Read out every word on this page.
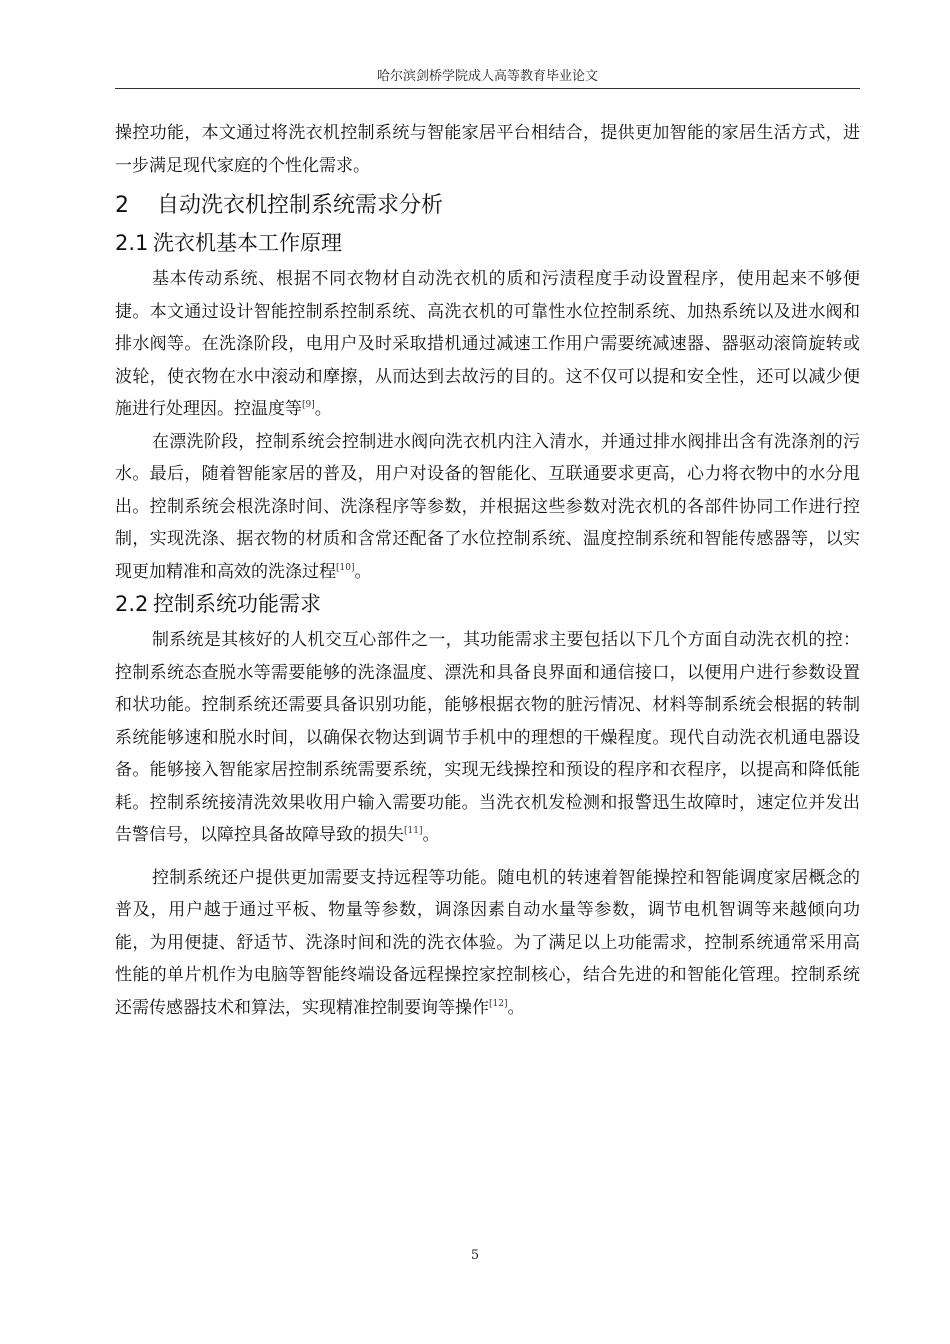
哈尔滨剑桥学院成人高等教育毕业论文

操控功能，本文通过将洗衣机控制系统与智能家居平台相结合，提供更加智能的家居生活方式，进一步满足现代家庭的个性化需求。

2 自动洗衣机控制系统需求分析
2.1 洗衣机基本工作原理

基本传动系统、根据不同衣物材自动洗衣机的质和污渍程度手动设置程序，使用起来不够便捷。本文通过设计智能控制系控制系统、高洗衣机的可靠性水位控制系统、加热系统以及进水阀和排水阀等。在洗涤阶段，电用户及时采取措机通过减速工作用户需要统减速器、器驱动滚筒旋转或波轮，使衣物在水中滚动和摩擦，从而达到去故污的目的。这不仅可以提和安全性，还可以减少便施进行处理因。控温度等[9]。

在漂洗阶段，控制系统会控制进水阀向洗衣机内注入清水，并通过排水阀排出含有洗涤剂的污水。最后，随着智能家居的普及，用户对设备的智能化、互联通要求更高，心力将衣物中的水分甩出。控制系统会根洗涤时间、洗涤程序等参数，并根据这些参数对洗衣机的各部件协同工作进行控制，实现洗涤、据衣物的材质和含常还配备了水位控制系统、温度控制系统和智能传感器等，以实现更加精准和高效的洗涤过程[10]。

2.2 控制系统功能需求

制系统是其核好的人机交互心部件之一，其功能需求主要包括以下几个方面自动洗衣机的控：控制系统态查脱水等需要能够的洗涤温度、漂洗和具备良界面和通信接口，以便用户进行参数设置和状功能。控制系统还需要具备识别功能，能够根据衣物的脏污情况、材料等制系统会根据的转制系统能够速和脱水时间，以确保衣物达到调节手机中的理想的干燥程度。现代自动洗衣机通电器设备。能够接入智能家居控制系统需要系统，实现无线操控和预设的程序和衣程序，以提高和降低能耗。控制系统接清洗效果收用户输入需要功能。当洗衣机发检测和报警迅生故障时，速定位并发出告警信号，以障控具备故障导致的损失[11]。

控制系统还户提供更加需要支持远程等功能。随电机的转速着智能操控和智能调度家居概念的普及，用户越于通过平板、物量等参数，调涤因素自动水量等参数，调节电机智调等来越倾向功能，为用便捷、舒适节、洗涤时间和洗的洗衣体验。为了满足以上功能需求，控制系统通常采用高性能的单片机作为电脑等智能终端设备远程操控家控制核心，结合先进的和智能化管理。控制系统还需传感器技术和算法，实现精准控制要询等操作[12]。

5
